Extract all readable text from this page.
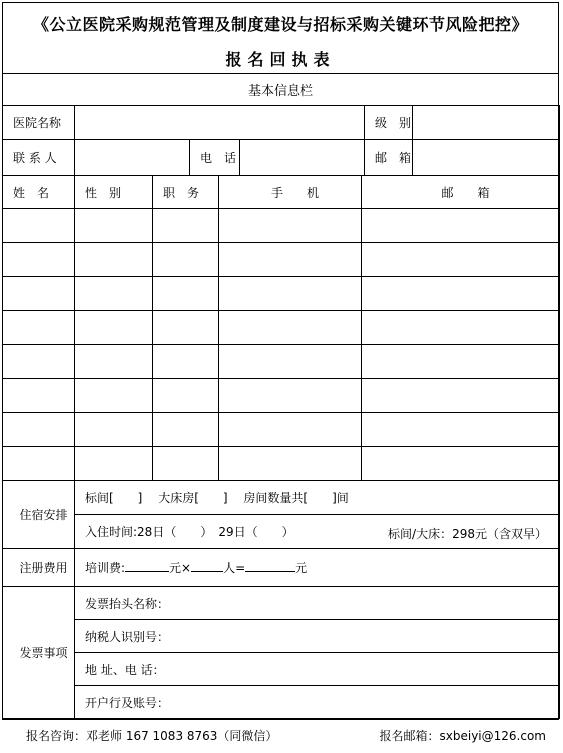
《公立医院采购规范管理及制度建设与招标采购关键环节风险把控》
报名回执表
基本信息栏
医院名称				级　别	
联 系 人		电　话		邮　箱	
姓　名	性　别	职　务	手　　机	邮　　箱

住宿安排	标间[　　]　 大床房[　　]　 房间数量共[　　]间
	入住时间:28日（　　）　29日（　　） 标间/大床：298元（含双早）

注册费用	培训费: 元× 人= 元
发票事项	发票抬头名称：
	纳税人识别号：
	地 址、电 话：
	开户行及账号：
报名咨询：邓老师 167 1083 8763（同微信）	报名邮箱：sxbeiyi@126.com
